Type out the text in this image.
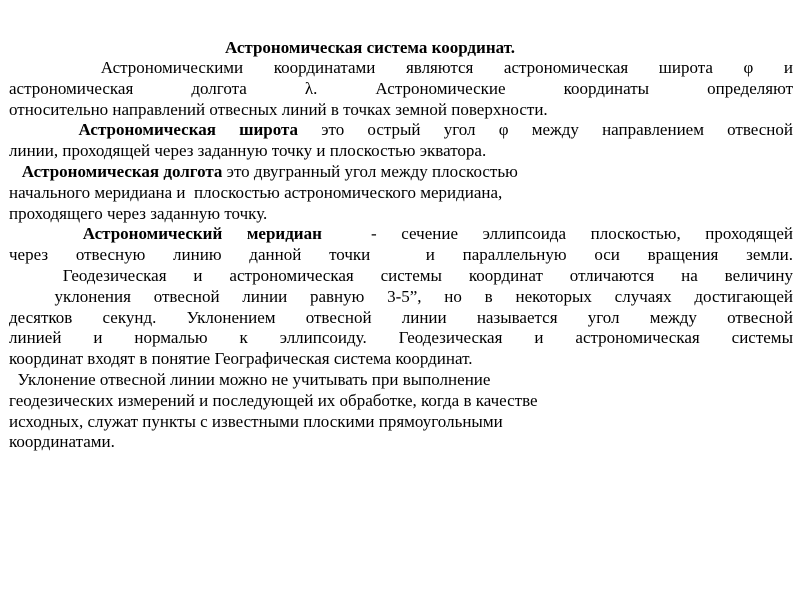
Астрономическая система координат.
Астрономическими координатами являются астрономическая широта φ и
астрономическая долгота λ. Астрономические координаты определяют
относительно направлений отвесных линий в точках земной поверхности.
Астрономическая широта это острый угол φ между направлением отвесной
линии, проходящей через заданную точку и плоскостью экватора.
Астрономическая долгота это двугранный угол между плоскостью
начального меридиана и  плоскостью астрономического меридиана,
проходящего через заданную точку.
Астрономический меридиан  - сечение эллипсоида плоскостью, проходящей
через отвесную линию данной точки  и параллельную оси вращения земли.
Геодезическая и астрономическая системы координат отличаются на величину
уклонения отвесной линии равную 3-5”, но в некоторых случаях достигающей
десятков секунд. Уклонением отвесной линии называется угол между отвесной
линией и нормалью к эллипсоиду. Геодезическая и астрономическая системы
координат входят в понятие Географическая система координат.
Уклонение отвесной линии можно не учитывать при выполнение
геодезических измерений и последующей их обработке, когда в качестве
исходных, служат пункты с известными плоскими прямоугольными
координатами.
